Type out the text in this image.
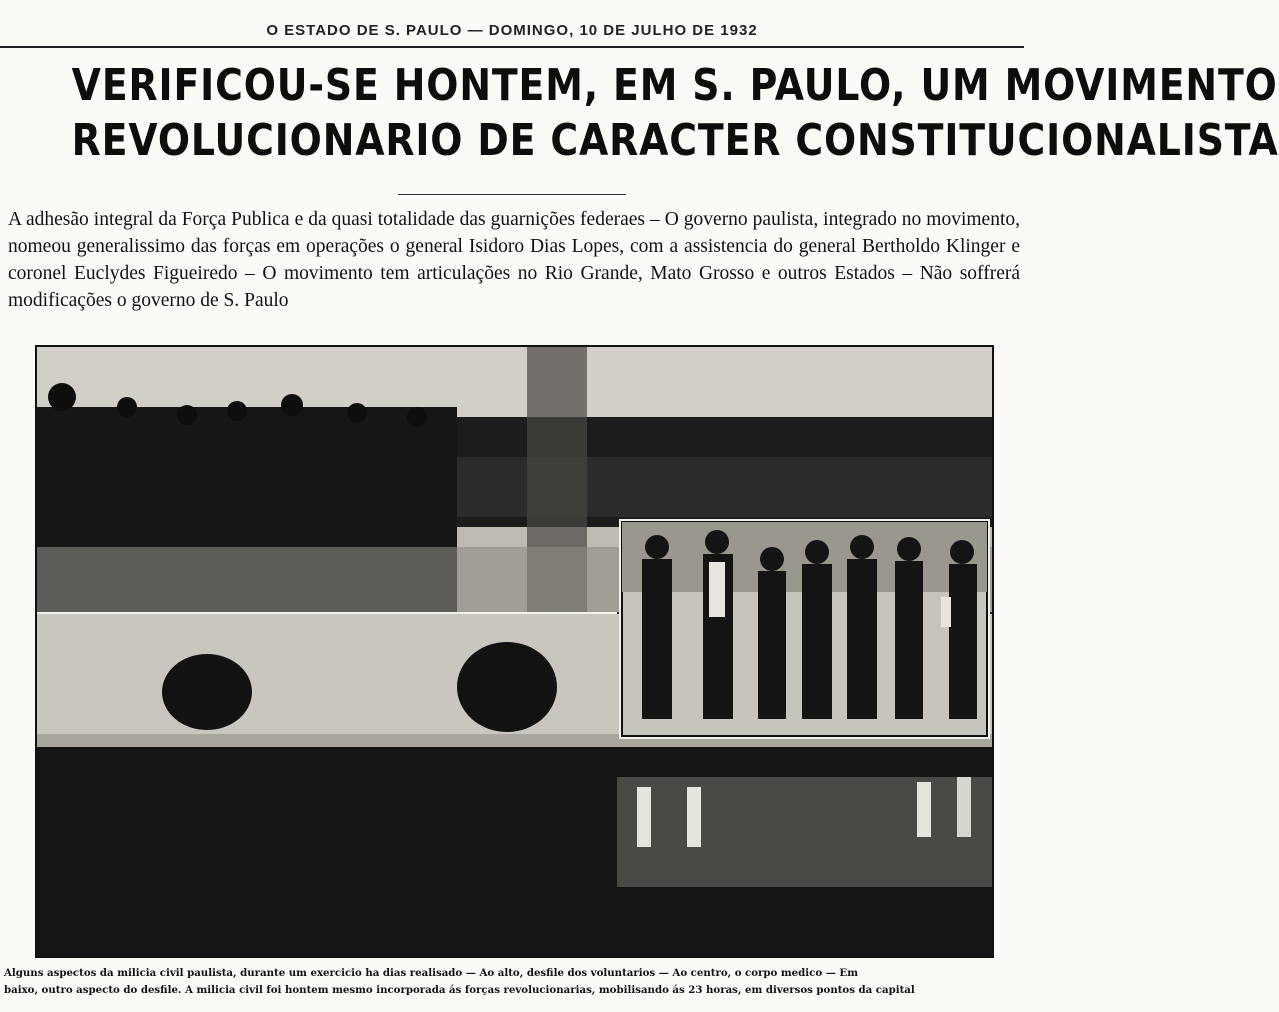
O ESTADO DE S. PAULO — DOMINGO, 10 DE JULHO DE 1932
VERIFICOU-SE HONTEM, EM S. PAULO, UM MOVIMENTO
REVOLUCIONARIO DE CARACTER CONSTITUCIONALISTA
A adhesão integral da Força Publica e da quasi totalidade das guarnições federaes – O governo paulista, integrado no movimento, nomeou generalissimo das forças em operações o general Isidoro Dias Lopes, com a assistencia do general Bertholdo Klinger e coronel Euclydes Figueiredo – O movimento tem articulações no Rio Grande, Mato Grosso e outros Estados – Não soffrerá modificações o governo de S. Paulo

Alguns aspectos da milicia civil paulista, durante um exercicio ha dias realisado — Ao alto, desfile dos voluntarios — Ao centro, o corpo medico — Em

baixo, outro aspecto do desfile. A milicia civil foi hontem mesmo incorporada ás forças revolucionarias, mobilisando ás 23 horas, em diversos pontos da capital
